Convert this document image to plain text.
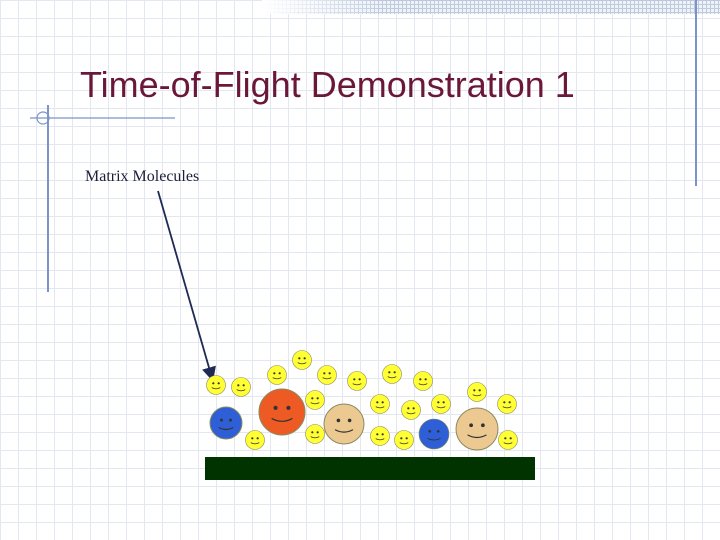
Time-of-Flight Demonstration 1
Matrix Molecules
